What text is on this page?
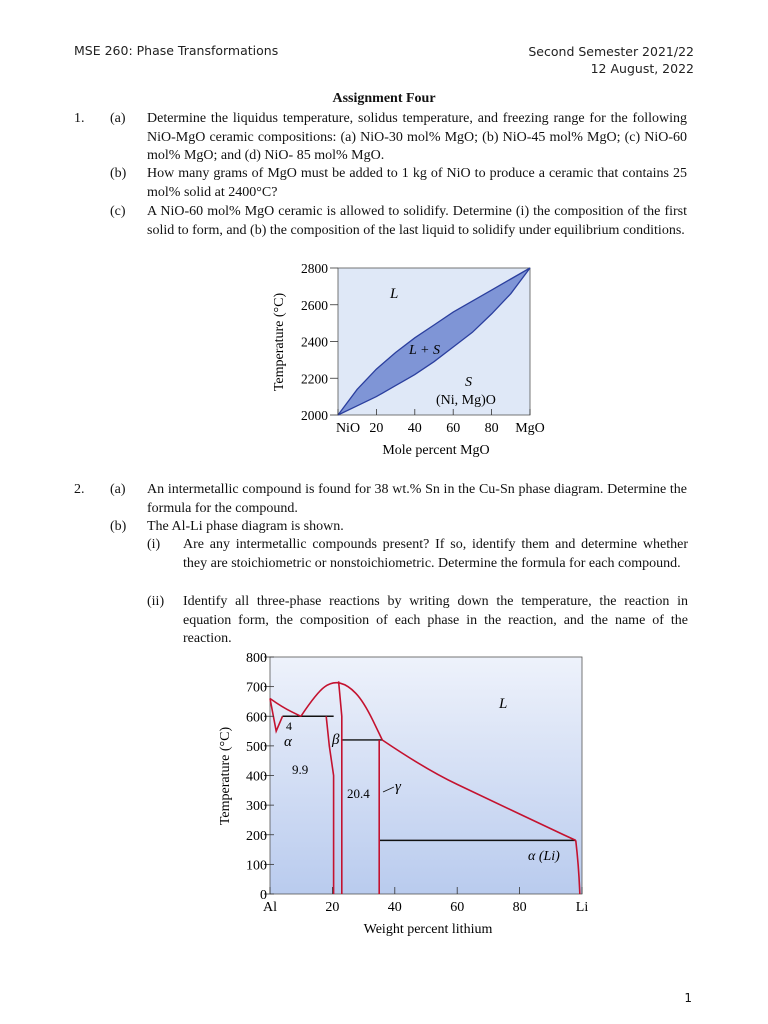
MSE 260: Phase Transformations	Second Semester 2021/22
12 August, 2022
Assignment Four
1. (a) Determine the liquidus temperature, solidus temperature, and freezing range for the following NiO-MgO ceramic compositions: (a) NiO-30 mol% MgO; (b) NiO-45 mol% MgO; (c) NiO-60 mol% MgO; and (d) NiO- 85 mol% MgO.
(b) How many grams of MgO must be added to 1 kg of NiO to produce a ceramic that contains 25 mol% solid at 2400°C?
(c) A NiO-60 mol% MgO ceramic is allowed to solidify. Determine (i) the composition of the first solid to form, and (b) the composition of the last liquid to solidify under equilibrium conditions.
2000
2200
2400
2600
2800
NiO 20 40 60 80 MgO
L
L + S
S
(Ni, Mg)O
Mole percent MgO
Temperature (°C)
2. (a) An intermetallic compound is found for 38 wt.% Sn in the Cu-Sn phase diagram. Determine the formula for the compound.
(b) The Al-Li phase diagram is shown.
(i) Are any intermetallic compounds present? If so, identify them and determine whether they are stoichiometric or nonstoichiometric. Determine the formula for each compound.
(ii) Identify all three-phase reactions by writing down the temperature, the reaction in equation form, the composition of each phase in the reaction, and the name of the reaction.
0
100
200
300
400
500
600
700
800
Al	20	40	60	80	Li
4
α
9.9
β
20.4 γ
L
α (Li)
Weight percent lithium
Temperature (°C)
1
